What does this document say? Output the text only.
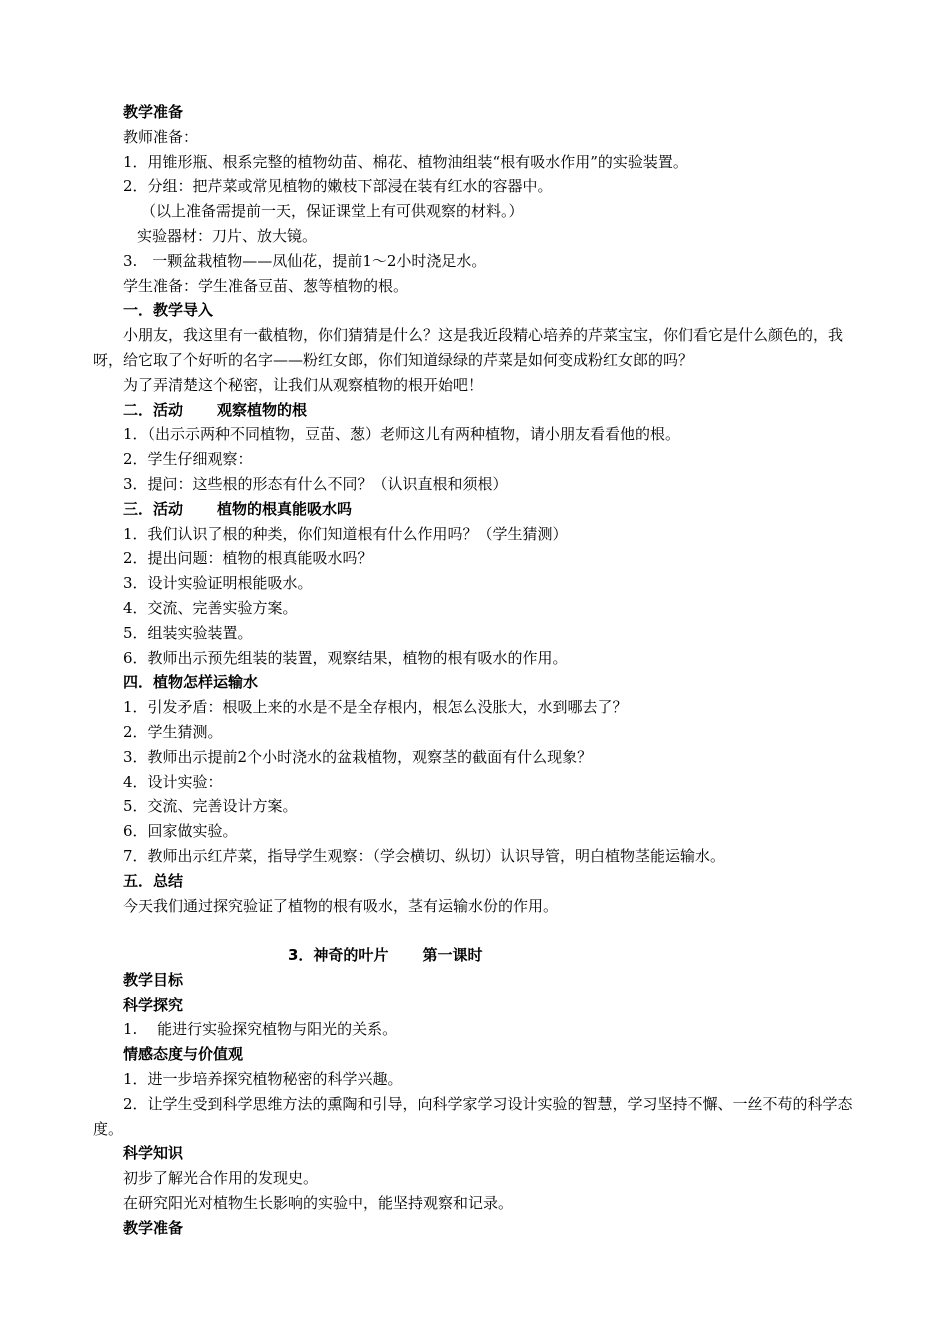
教学准备
教师准备：
1．用锥形瓶、根系完整的植物幼苗、棉花、植物油组装“根有吸水作用”的实验装置。
2．分组：把芹菜或常见植物的嫩枝下部浸在装有红水的容器中。
（以上准备需提前一天，保证课堂上有可供观察的材料。）
实验器材：刀片、放大镜。
3.　一颗盆栽植物——凤仙花，提前1～2小时浇足水。
学生准备：学生准备豆苗、葱等植物的根。
一．教学导入
小朋友，我这里有一截植物，你们猜猜是什么？这是我近段精心培养的芹菜宝宝，你们看它是什么颜色的，我呀，给它取了个好听的名字——粉红女郎，你们知道绿绿的芹菜是如何变成粉红女郎的吗？
为了弄清楚这个秘密，让我们从观察植物的根开始吧！
二．活动 观察植物的根
1．（出示示两种不同植物，豆苗、葱）老师这儿有两种植物，请小朋友看看他的根。
2．学生仔细观察：
3．提问：这些根的形态有什么不同？（认识直根和须根）
三．活动 植物的根真能吸水吗
1．我们认识了根的种类，你们知道根有什么作用吗？（学生猜测）
2．提出问题：植物的根真能吸水吗？
3．设计实验证明根能吸水。
4．交流、完善实验方案。
5．组装实验装置。
6．教师出示预先组装的装置，观察结果，植物的根有吸水的作用。
四．植物怎样运输水
1．引发矛盾：根吸上来的水是不是全存根内，根怎么没胀大，水到哪去了？
2．学生猜测。
3．教师出示提前2个小时浇水的盆栽植物，观察茎的截面有什么现象？
4．设计实验：
5．交流、完善设计方案。
6．回家做实验。
7．教师出示红芹菜，指导学生观察：（学会横切、纵切）认识导管，明白植物茎能运输水。
五．总结
今天我们通过探究验证了植物的根有吸水，茎有运输水份的作用。
3．神奇的叶片 第一课时
教学目标
科学探究
1.　 能进行实验探究植物与阳光的关系。
情感态度与价值观
1．进一步培养探究植物秘密的科学兴趣。
2．让学生受到科学思维方法的熏陶和引导，向科学家学习设计实验的智慧，学习坚持不懈、一丝不苟的科学态度。
科学知识
初步了解光合作用的发现史。
在研究阳光对植物生长影响的实验中，能坚持观察和记录。
教学准备
